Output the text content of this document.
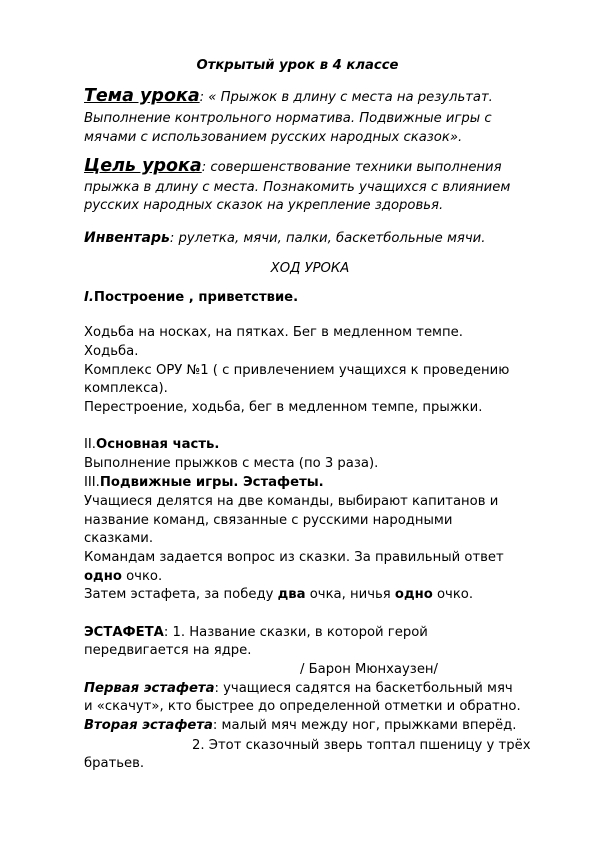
Открытый урок в 4 классе
Тема урока: « Прыжок в длину с места на результат.
Выполнение контрольного норматива. Подвижные игры с
мячами с использованием русских народных сказок».
Цель урока: совершенствование техники выполнения
прыжка в длину с места. Познакомить учащихся с влиянием
русских народных сказок на укрепление здоровья.
Инвентарь: рулетка, мячи, палки, баскетбольные мячи.
ХОД УРОКА
I.Построение , приветствие.
Ходьба на носках, на пятках. Бег в медленном темпе.
Ходьба.
Комплекс ОРУ №1 ( с привлечением учащихся к проведению
комплекса).
Перестроение, ходьба, бег в медленном темпе, прыжки.
II.Основная часть.
Выполнение прыжков с места (по 3 раза).
III.Подвижные игры. Эстафеты.
Учащиеся делятся на две команды, выбирают капитанов и
название команд, связанные с русскими народными
сказками.
Командам задается вопрос из сказки. За правильный ответ
одно очко.
Затем эстафета, за победу два очка, ничья одно очко.
ЭСТАФЕТА: 1. Название сказки, в которой герой
передвигается на ядре.
/ Барон Мюнхаузен/
Первая эстафета: учащиеся садятся на баскетбольный мяч
и «скачут», кто быстрее до определенной отметки и обратно.
Вторая эстафета: малый мяч между ног, прыжками вперёд.
2. Этот сказочный зверь топтал пшеницу у трёх
братьев.
